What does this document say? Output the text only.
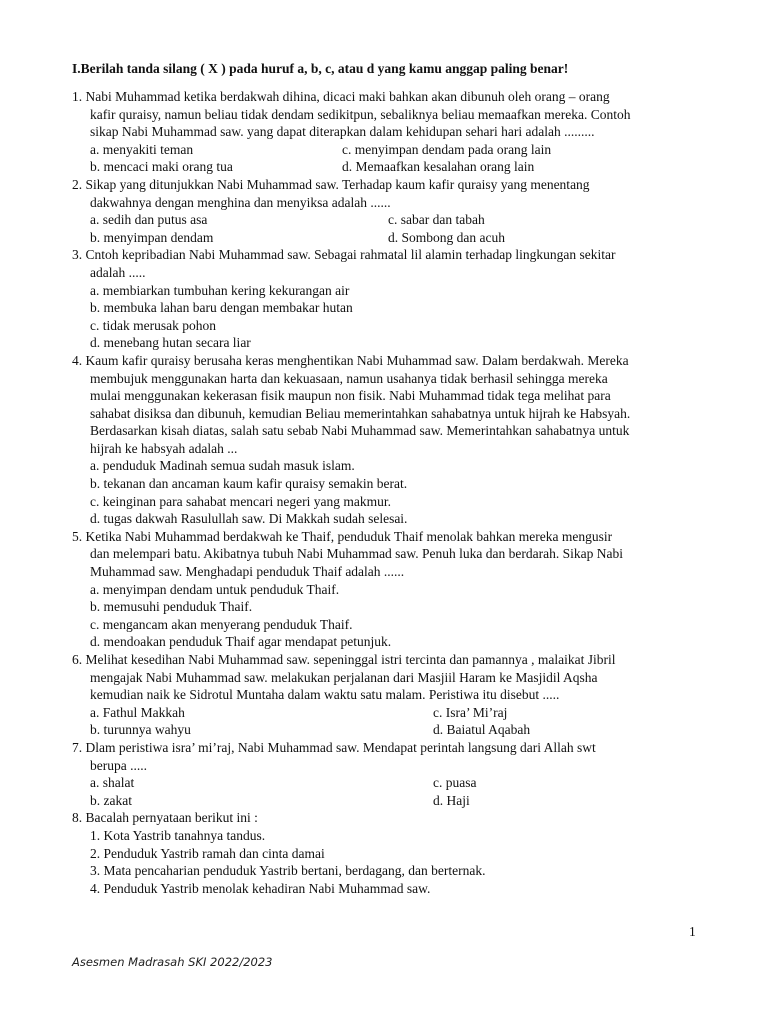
I.Berilah tanda silang ( X ) pada huruf a, b, c, atau d yang kamu anggap paling benar!
1. Nabi Muhammad ketika berdakwah dihina, dicaci maki bahkan akan dibunuh oleh orang – orang
kafir quraisy, namun beliau tidak dendam sedikitpun, sebaliknya beliau memaafkan mereka. Contoh
sikap Nabi Muhammad saw. yang dapat diterapkan dalam kehidupan sehari hari adalah .........
a. menyakiti teman	c. menyimpan dendam pada orang lain
b. mencaci maki orang tua	d. Memaafkan kesalahan orang lain
2. Sikap yang ditunjukkan Nabi Muhammad saw. Terhadap kaum kafir quraisy yang menentang
dakwahnya dengan menghina dan menyiksa adalah ......
a. sedih dan putus asa	c. sabar dan tabah
b. menyimpan dendam	d. Sombong dan acuh
3. Cntoh kepribadian Nabi Muhammad saw. Sebagai rahmatal lil alamin terhadap lingkungan sekitar
adalah .....
a. membiarkan tumbuhan kering kekurangan air
b. membuka lahan baru dengan membakar hutan
c. tidak merusak pohon
d. menebang hutan secara liar
4. Kaum kafir quraisy berusaha keras menghentikan Nabi Muhammad saw. Dalam berdakwah. Mereka
membujuk menggunakan harta dan kekuasaan, namun usahanya tidak berhasil sehingga mereka
mulai menggunakan kekerasan fisik maupun non fisik. Nabi Muhammad tidak tega melihat para
sahabat disiksa dan dibunuh, kemudian Beliau memerintahkan sahabatnya untuk hijrah ke Habsyah.
Berdasarkan kisah diatas, salah satu sebab Nabi Muhammad saw. Memerintahkan sahabatnya untuk
hijrah ke habsyah adalah ...
a. penduduk Madinah semua sudah masuk islam.
b. tekanan dan ancaman kaum kafir quraisy semakin berat.
c. keinginan para sahabat mencari negeri yang makmur.
d. tugas dakwah Rasulullah saw. Di Makkah sudah selesai.
5. Ketika Nabi Muhammad berdakwah ke Thaif, penduduk Thaif menolak bahkan mereka mengusir
dan melempari batu. Akibatnya tubuh Nabi Muhammad saw. Penuh luka dan berdarah. Sikap Nabi
Muhammad saw. Menghadapi penduduk Thaif adalah ......
a. menyimpan dendam untuk penduduk Thaif.
b. memusuhi penduduk Thaif.
c. mengancam akan menyerang penduduk Thaif.
d. mendoakan penduduk Thaif agar mendapat petunjuk.
6. Melihat kesedihan Nabi Muhammad saw. sepeninggal istri tercinta dan pamannya , malaikat Jibril
mengajak Nabi Muhammad saw. melakukan perjalanan dari Masjiil Haram ke Masjidil Aqsha
kemudian naik ke Sidrotul Muntaha dalam waktu satu malam. Peristiwa itu disebut .....
a. Fathul Makkah	c. Isra’ Mi’raj
b. turunnya wahyu	d. Baiatul Aqabah
7. Dlam peristiwa isra’ mi’raj, Nabi Muhammad saw. Mendapat perintah langsung dari Allah swt
berupa .....
a. shalat	c. puasa
b. zakat	d. Haji
8. Bacalah pernyataan berikut ini :
1. Kota Yastrib tanahnya tandus.
2. Penduduk Yastrib ramah dan cinta damai
3. Mata pencaharian penduduk Yastrib bertani, berdagang, dan berternak.
4. Penduduk Yastrib menolak kehadiran Nabi Muhammad saw.
1
Asesmen Madrasah SKI 2022/2023
